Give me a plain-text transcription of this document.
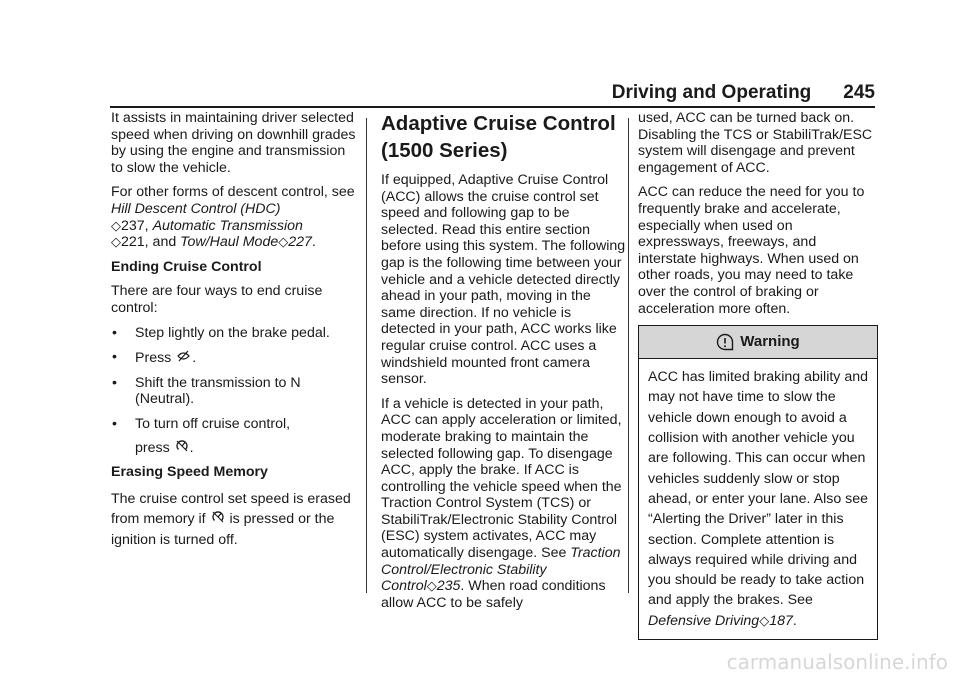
Driving and Operating 245

It assists in maintaining driver selected speed when driving on downhill grades by using the engine and transmission to slow the vehicle.

For other forms of descent control, see Hill Descent Control (HDC)
◇237, Automatic Transmission
◇221, and Tow/Haul Mode◇227.

Ending Cruise Control

There are four ways to end cruise control:

•	Step lightly on the brake pedal.
•	Press .
•	Shift the transmission to N (Neutral).
•	To turn off cruise control,
press .
Erasing Speed Memory

The cruise control set speed is erased from memory if  is pressed or the ignition is turned off.

Adaptive Cruise Control (1500 Series)

If equipped, Adaptive Cruise Control (ACC) allows the cruise control set speed and following gap to be selected. Read this entire section before using this system. The following gap is the following time between your vehicle and a vehicle detected directly ahead in your path, moving in the same direction. If no vehicle is detected in your path, ACC works like regular cruise control. ACC uses a windshield mounted front camera sensor.

If a vehicle is detected in your path, ACC can apply acceleration or limited, moderate braking to maintain the selected following gap. To disengage ACC, apply the brake. If ACC is controlling the vehicle speed when the Traction Control System (TCS) or StabiliTrak/Electronic Stability Control (ESC) system activates, ACC may automatically disengage. See Traction Control/Electronic Stability Control◇235. When road conditions allow ACC to be safely

used, ACC can be turned back on. Disabling the TCS or StabiliTrak/ESC system will disengage and prevent engagement of ACC.

ACC can reduce the need for you to frequently brake and accelerate, especially when used on expressways, freeways, and interstate highways. When used on other roads, you may need to take over the control of braking or acceleration more often.

Warning
ACC has limited braking ability and may not have time to slow the vehicle down enough to avoid a collision with another vehicle you are following. This can occur when vehicles suddenly slow or stop ahead, or enter your lane. Also see “Alerting the Driver” later in this section. Complete attention is always required while driving and you should be ready to take action and apply the brakes. See Defensive Driving◇187.
carmanualsonline.info
